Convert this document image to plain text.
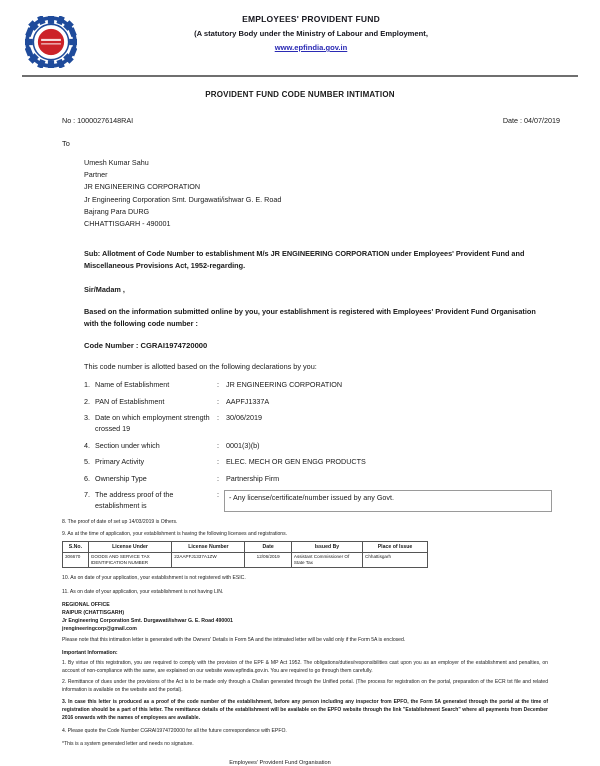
EMPLOYEES' PROVIDENT FUND
(A statutory Body under the Ministry of Labour and Employment,
www.epfindia.gov.in
PROVIDENT FUND CODE NUMBER INTIMATION
No : 10000276148RAI	Date : 04/07/2019
To
Umesh Kumar Sahu
Partner
JR ENGINEERING CORPORATION
Jr Engineering Corporation Smt. Durgawati/ishwar G. E. Road
Bajrang Para DURG
CHHATTISGARH - 490001
Sub: Allotment of Code Number to establishment M/s JR ENGINEERING CORPORATION under Employees' Provident Fund and Miscellaneous Provisions Act, 1952-regarding.
Sir/Madam ,
Based on the information submitted online by you, your establishment is registered with Employees' Provident Fund Organisation with the following code number :
Code Number : CGRAI1974720000
This code number is allotted based on the following declarations by you:
1. Name of Establishment	: JR ENGINEERING CORPORATION
2. PAN of Establishment	: AAPFJ1337A
3. Date on which employment strength crossed 19
: 30/06/2019
4. Section under which	: 0001(3)(b)
5. Primary Activity	: ELEC. MECH OR GEN ENGG PRODUCTS
6. Ownership Type	: Partnership Firm
7. The address proof of the establishment is
:	- Any license/certificate/number issued by any Govt.
8. The proof of date of set up 14/03/2019 is Others.
9. As at the time of application, your establishment is having the following licenses and registrations.
S.No.	License Under	License Number	Date	Issued By	Place of Issue
306670	GOODS AND SERVICE TAX IDENTIFICATION NUMBER	22AAPFJ1337A1ZW	12/06/2019	Assistant Commissioner Of State Tax	Chhattisgarh
10. As on date of your application, your establishment is not registered with ESIC.
11. As on date of your application, your establishment is not having LIN.
REGIONAL OFFICE
RAIPUR (CHATTISGARH)
Jr Engineering Corporation Smt. Durgawati/ishwar G. E. Road 490001
jrengineeringcorp@gmail.com
Please note that this intimation letter is generated with the Owners' Details in Form 5A and the intimated letter will be valid only if the Form 5A is enclosed.
Important Information:
1. By virtue of this registration, you are required to comply with the provision of the EPF & MP Act 1952. The obligations/duties/responsibilities cast upon you as an employer of the establishment and penalties, on account of non-compliance with the same, are explained on our website www.epfindia.gov.in. You are required to go through them carefully.
2. Remittance of dues under the provisions of the Act is to be made only through a Challan generated through the Unified portal. (The process for registration on the portal, preparation of the ECR txt file and related information is available on the website and the portal).
3. In case this letter is produced as a proof of the code number of the establishment, before any person including any inspector from EPFO, the Form 5A generated through the portal at the time of registration should be a part of this letter. The remittance details of the establishment will be available on the EPFO website through the link "Establishment Search" where all payments from December 2016 onwards with the names of employees are available.
4. Please quote the Code Number CGRAI1974720000 for all the future correspondence with EPFO.
*This is a system generated letter and needs no signature.
Employees' Provident Fund Organisation
